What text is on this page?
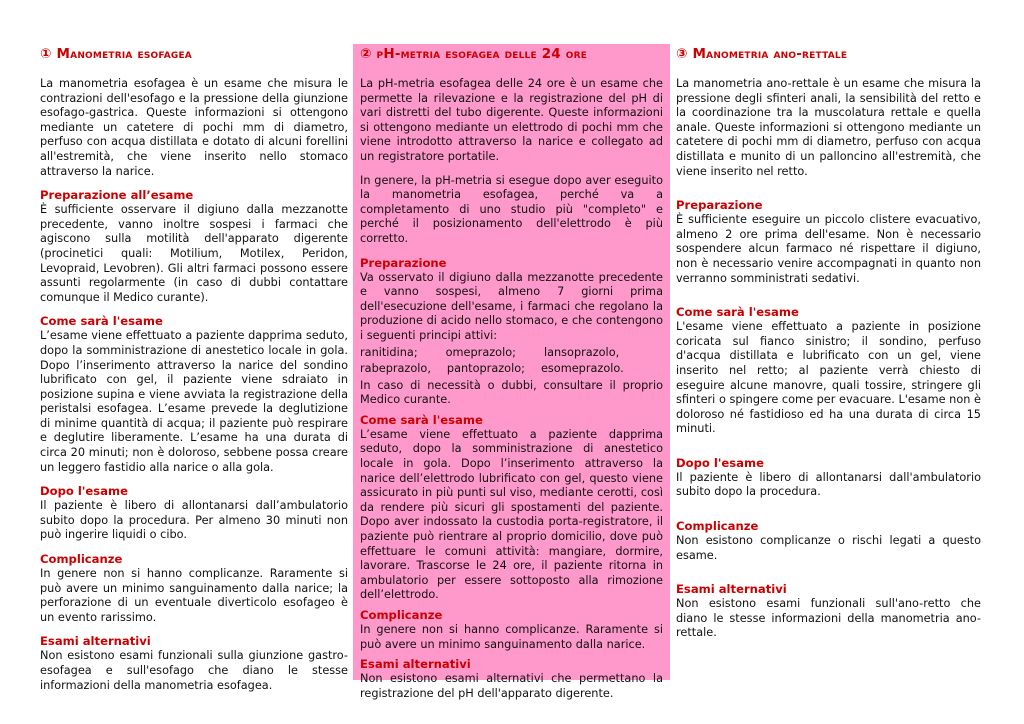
① Manometria esofagea
La manometria esofagea è un esame che misura le contrazioni dell'esofago e la pressione della giunzione esofago-gastrica. Queste informazioni si ottengono mediante un catetere di pochi mm di diametro, perfuso con acqua distillata e dotato di alcuni forellini all'estremità, che viene inserito nello stomaco attraverso la narice.
Preparazione all’esame
È sufficiente osservare il digiuno dalla mezzanotte precedente, vanno inoltre sospesi i farmaci che agiscono sulla motilità dell'apparato digerente (procinetici quali: Motilium, Motilex, Peridon, Levopraid, Levobren). Gli altri farmaci possono essere assunti regolarmente (in caso di dubbi contattare comunque il Medico curante).
Come sarà l'esame
L’esame viene effettuato a paziente dapprima seduto, dopo la somministrazione di anestetico locale in gola. Dopo l’inserimento attraverso la narice del sondino lubrificato con gel, il paziente viene sdraiato in posizione supina e viene avviata la registrazione della peristalsi esofagea. L’esame prevede la deglutizione di minime quantità di acqua; il paziente può respirare e deglutire liberamente. L’esame ha una durata di circa 20 minuti; non è doloroso, sebbene possa creare un leggero fastidio alla narice o alla gola.
Dopo l'esame
Il paziente è libero di allontanarsi dall’ambulatorio subito dopo la procedura. Per almeno 30 minuti non può ingerire liquidi o cibo.
Complicanze
In genere non si hanno complicanze. Raramente si può avere un minimo sanguinamento dalla narice; la perforazione di un eventuale diverticolo esofageo è un evento rarissimo.
Esami alternativi
Non esistono esami funzionali sulla giunzione gastro-esofagea e sull'esofago che diano le stesse informazioni della manometria esofagea.
② pH-metria esofagea delle 24 ore
La pH-metria esofagea delle 24 ore è un esame che permette la rilevazione e la registrazione del pH di vari distretti del tubo digerente. Queste informazioni si ottengono mediante un elettrodo di pochi mm che viene introdotto attraverso la narice e collegato ad un registratore portatile.
In genere, la pH-metria si esegue dopo aver eseguito la manometria esofagea, perché va a completamento di uno studio più "completo" e perché il posizionamento dell'elettrodo è più corretto.
Preparazione
Va osservato il digiuno dalla mezzanotte precedente e vanno sospesi, almeno 7 giorni prima dell'esecuzione dell'esame, i farmaci che regolano la produzione di acido nello stomaco, e che contengono i seguenti principi attivi:
ranitidina; omeprazolo; lansoprazolo,
rabeprazolo, pantoprazolo; esomeprazolo.
In caso di necessità o dubbi, consultare il proprio Medico curante.
Come sarà l'esame
L’esame viene effettuato a paziente dapprima seduto, dopo la somministrazione di anestetico locale in gola. Dopo l’inserimento attraverso la narice dell’elettrodo lubrificato con gel, questo viene assicurato in più punti sul viso, mediante cerotti, così da rendere più sicuri gli spostamenti del paziente. Dopo aver indossato la custodia porta-registratore, il paziente può rientrare al proprio domicilio, dove può effettuare le comuni attività: mangiare, dormire, lavorare. Trascorse le 24 ore, il paziente ritorna in ambulatorio per essere sottoposto alla rimozione dell’elettrodo.
Complicanze
In genere non si hanno complicanze. Raramente si può avere un minimo sanguinamento dalla narice.
Esami alternativi
Non esistono esami alternativi che permettano la registrazione del pH dell'apparato digerente.
③ Manometria ano-rettale
La manometria ano-rettale è un esame che misura la pressione degli sfinteri anali, la sensibilità del retto e la coordinazione tra la muscolatura rettale e quella anale. Queste informazioni si ottengono mediante un catetere di pochi mm di diametro, perfuso con acqua distillata e munito di un palloncino all'estremità, che viene inserito nel retto.
Preparazione
È sufficiente eseguire un piccolo clistere evacuativo, almeno 2 ore prima dell'esame. Non è necessario sospendere alcun farmaco né rispettare il digiuno, non è necessario venire accompagnati in quanto non verranno somministrati sedativi.
Come sarà l'esame
L'esame viene effettuato a paziente in posizione coricata sul fianco sinistro; il sondino, perfuso d'acqua distillata e lubrificato con un gel, viene inserito nel retto; al paziente verrà chiesto di eseguire alcune manovre, quali tossire, stringere gli sfinteri o spingere come per evacuare. L'esame non è doloroso né fastidioso ed ha una durata di circa 15 minuti.
Dopo l'esame
Il paziente è libero di allontanarsi dall'ambulatorio subito dopo la procedura.
Complicanze
Non esistono complicanze o rischi legati a questo esame.
Esami alternativi
Non esistono esami funzionali sull'ano-retto che diano le stesse informazioni della manometria ano-rettale.
